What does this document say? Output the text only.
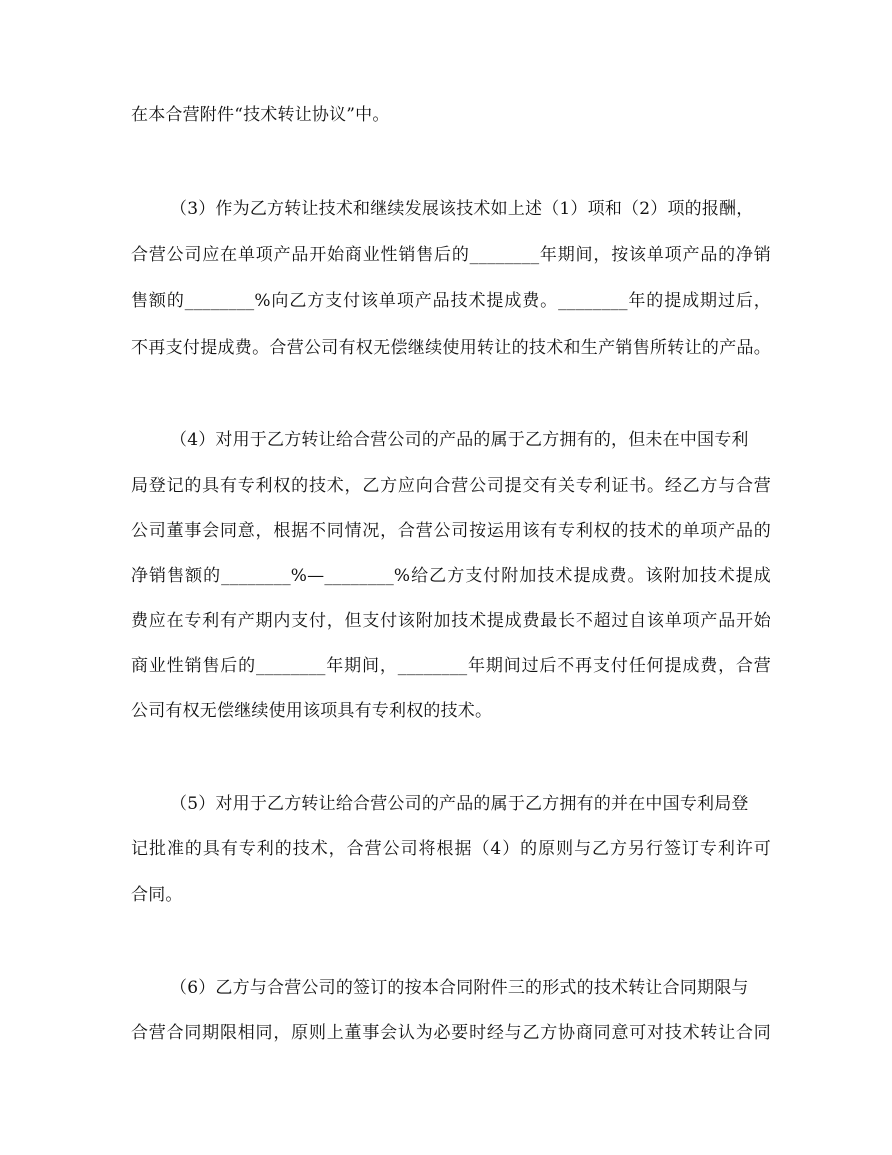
在本合营附件“技术转让协议”中。
（3）作为乙方转让技术和继续发展该技术如上述（1）项和（2）项的报酬，
合营公司应在单项产品开始商业性销售后的________年期间，按该单项产品的净销
售额的________%向乙方支付该单项产品技术提成费。________年的提成期过后，
不再支付提成费。合营公司有权无偿继续使用转让的技术和生产销售所转让的产品。
（4）对用于乙方转让给合营公司的产品的属于乙方拥有的，但未在中国专利
局登记的具有专利权的技术，乙方应向合营公司提交有关专利证书。经乙方与合营
公司董事会同意，根据不同情况，合营公司按运用该有专利权的技术的单项产品的
净销售额的________%—________%给乙方支付附加技术提成费。该附加技术提成
费应在专利有产期内支付，但支付该附加技术提成费最长不超过自该单项产品开始
商业性销售后的________年期间，________年期间过后不再支付任何提成费，合营
公司有权无偿继续使用该项具有专利权的技术。
（5）对用于乙方转让给合营公司的产品的属于乙方拥有的并在中国专利局登
记批准的具有专利的技术，合营公司将根据（4）的原则与乙方另行签订专利许可
合同。
（6）乙方与合营公司的签订的按本合同附件三的形式的技术转让合同期限与
合营合同期限相同，原则上董事会认为必要时经与乙方协商同意可对技术转让合同
